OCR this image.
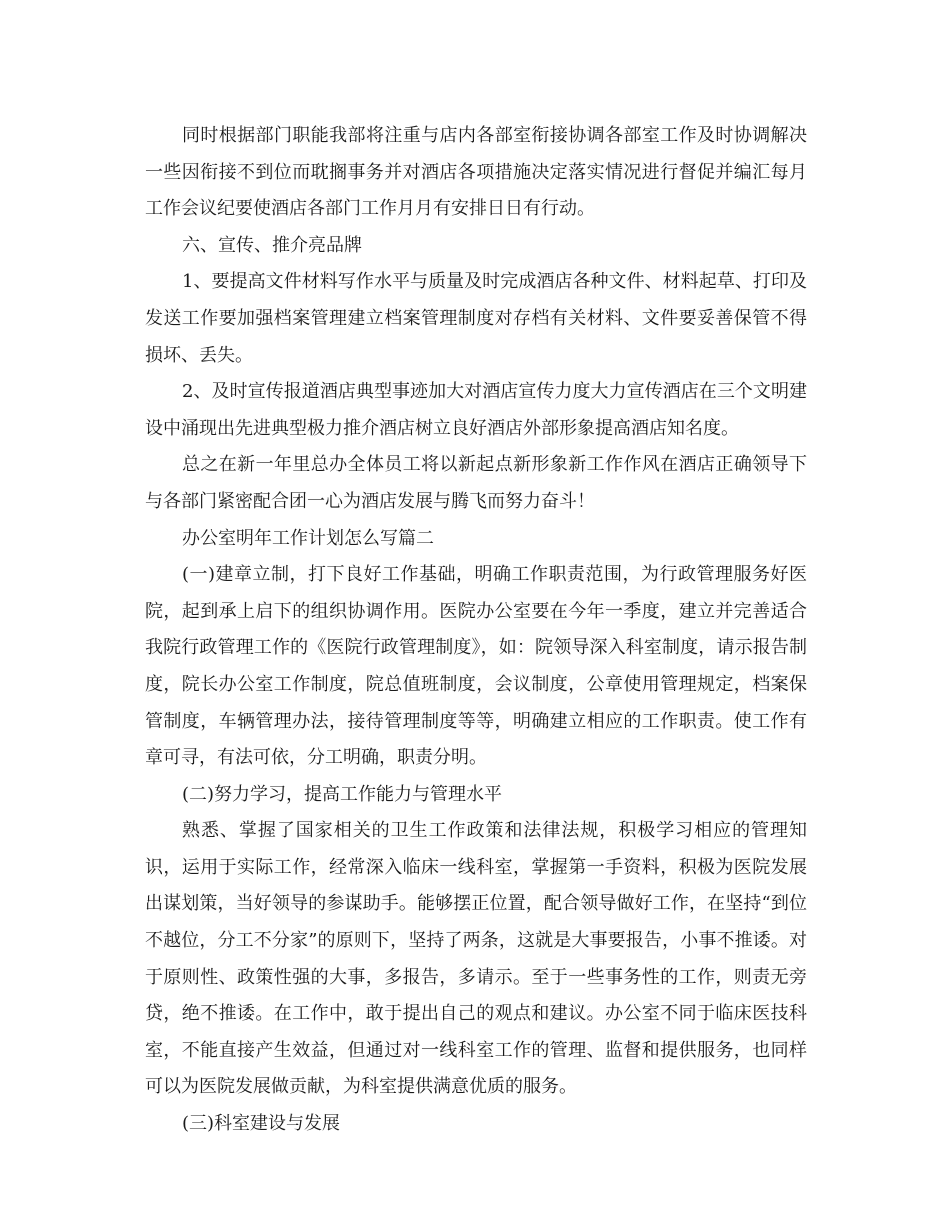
同时根据部门职能我部将注重与店内各部室衔接协调各部室工作及时协调解决一些因衔接不到位而耽搁事务并对酒店各项措施决定落实情况进行督促并编汇每月工作会议纪要使酒店各部门工作月月有安排日日有行动。

六、宣传、推介亮品牌

1、要提高文件材料写作水平与质量及时完成酒店各种文件、材料起草、打印及发送工作要加强档案管理建立档案管理制度对存档有关材料、文件要妥善保管不得损坏、丢失。

2、及时宣传报道酒店典型事迹加大对酒店宣传力度大力宣传酒店在三个文明建设中涌现出先进典型极力推介酒店树立良好酒店外部形象提高酒店知名度。

总之在新一年里总办全体员工将以新起点新形象新工作作风在酒店正确领导下与各部门紧密配合团一心为酒店发展与腾飞而努力奋斗！

办公室明年工作计划怎么写篇二

(一)建章立制，打下良好工作基础，明确工作职责范围，为行政管理服务好医院，起到承上启下的组织协调作用。医院办公室要在今年一季度，建立并完善适合我院行政管理工作的《医院行政管理制度》，如：院领导深入科室制度，请示报告制度，院长办公室工作制度，院总值班制度，会议制度，公章使用管理规定，档案保管制度，车辆管理办法，接待管理制度等等，明确建立相应的工作职责。使工作有章可寻，有法可依，分工明确，职责分明。

(二)努力学习，提高工作能力与管理水平

熟悉、掌握了国家相关的卫生工作政策和法律法规，积极学习相应的管理知识，运用于实际工作，经常深入临床一线科室，掌握第一手资料，积极为医院发展出谋划策，当好领导的参谋助手。能够摆正位置，配合领导做好工作，在坚持“到位不越位，分工不分家”的原则下，坚持了两条，这就是大事要报告，小事不推诿。对于原则性、政策性强的大事，多报告，多请示。至于一些事务性的工作，则责无旁贷，绝不推诿。在工作中，敢于提出自己的观点和建议。办公室不同于临床医技科室，不能直接产生效益，但通过对一线科室工作的管理、监督和提供服务，也同样可以为医院发展做贡献，为科室提供满意优质的服务。

(三)科室建设与发展
